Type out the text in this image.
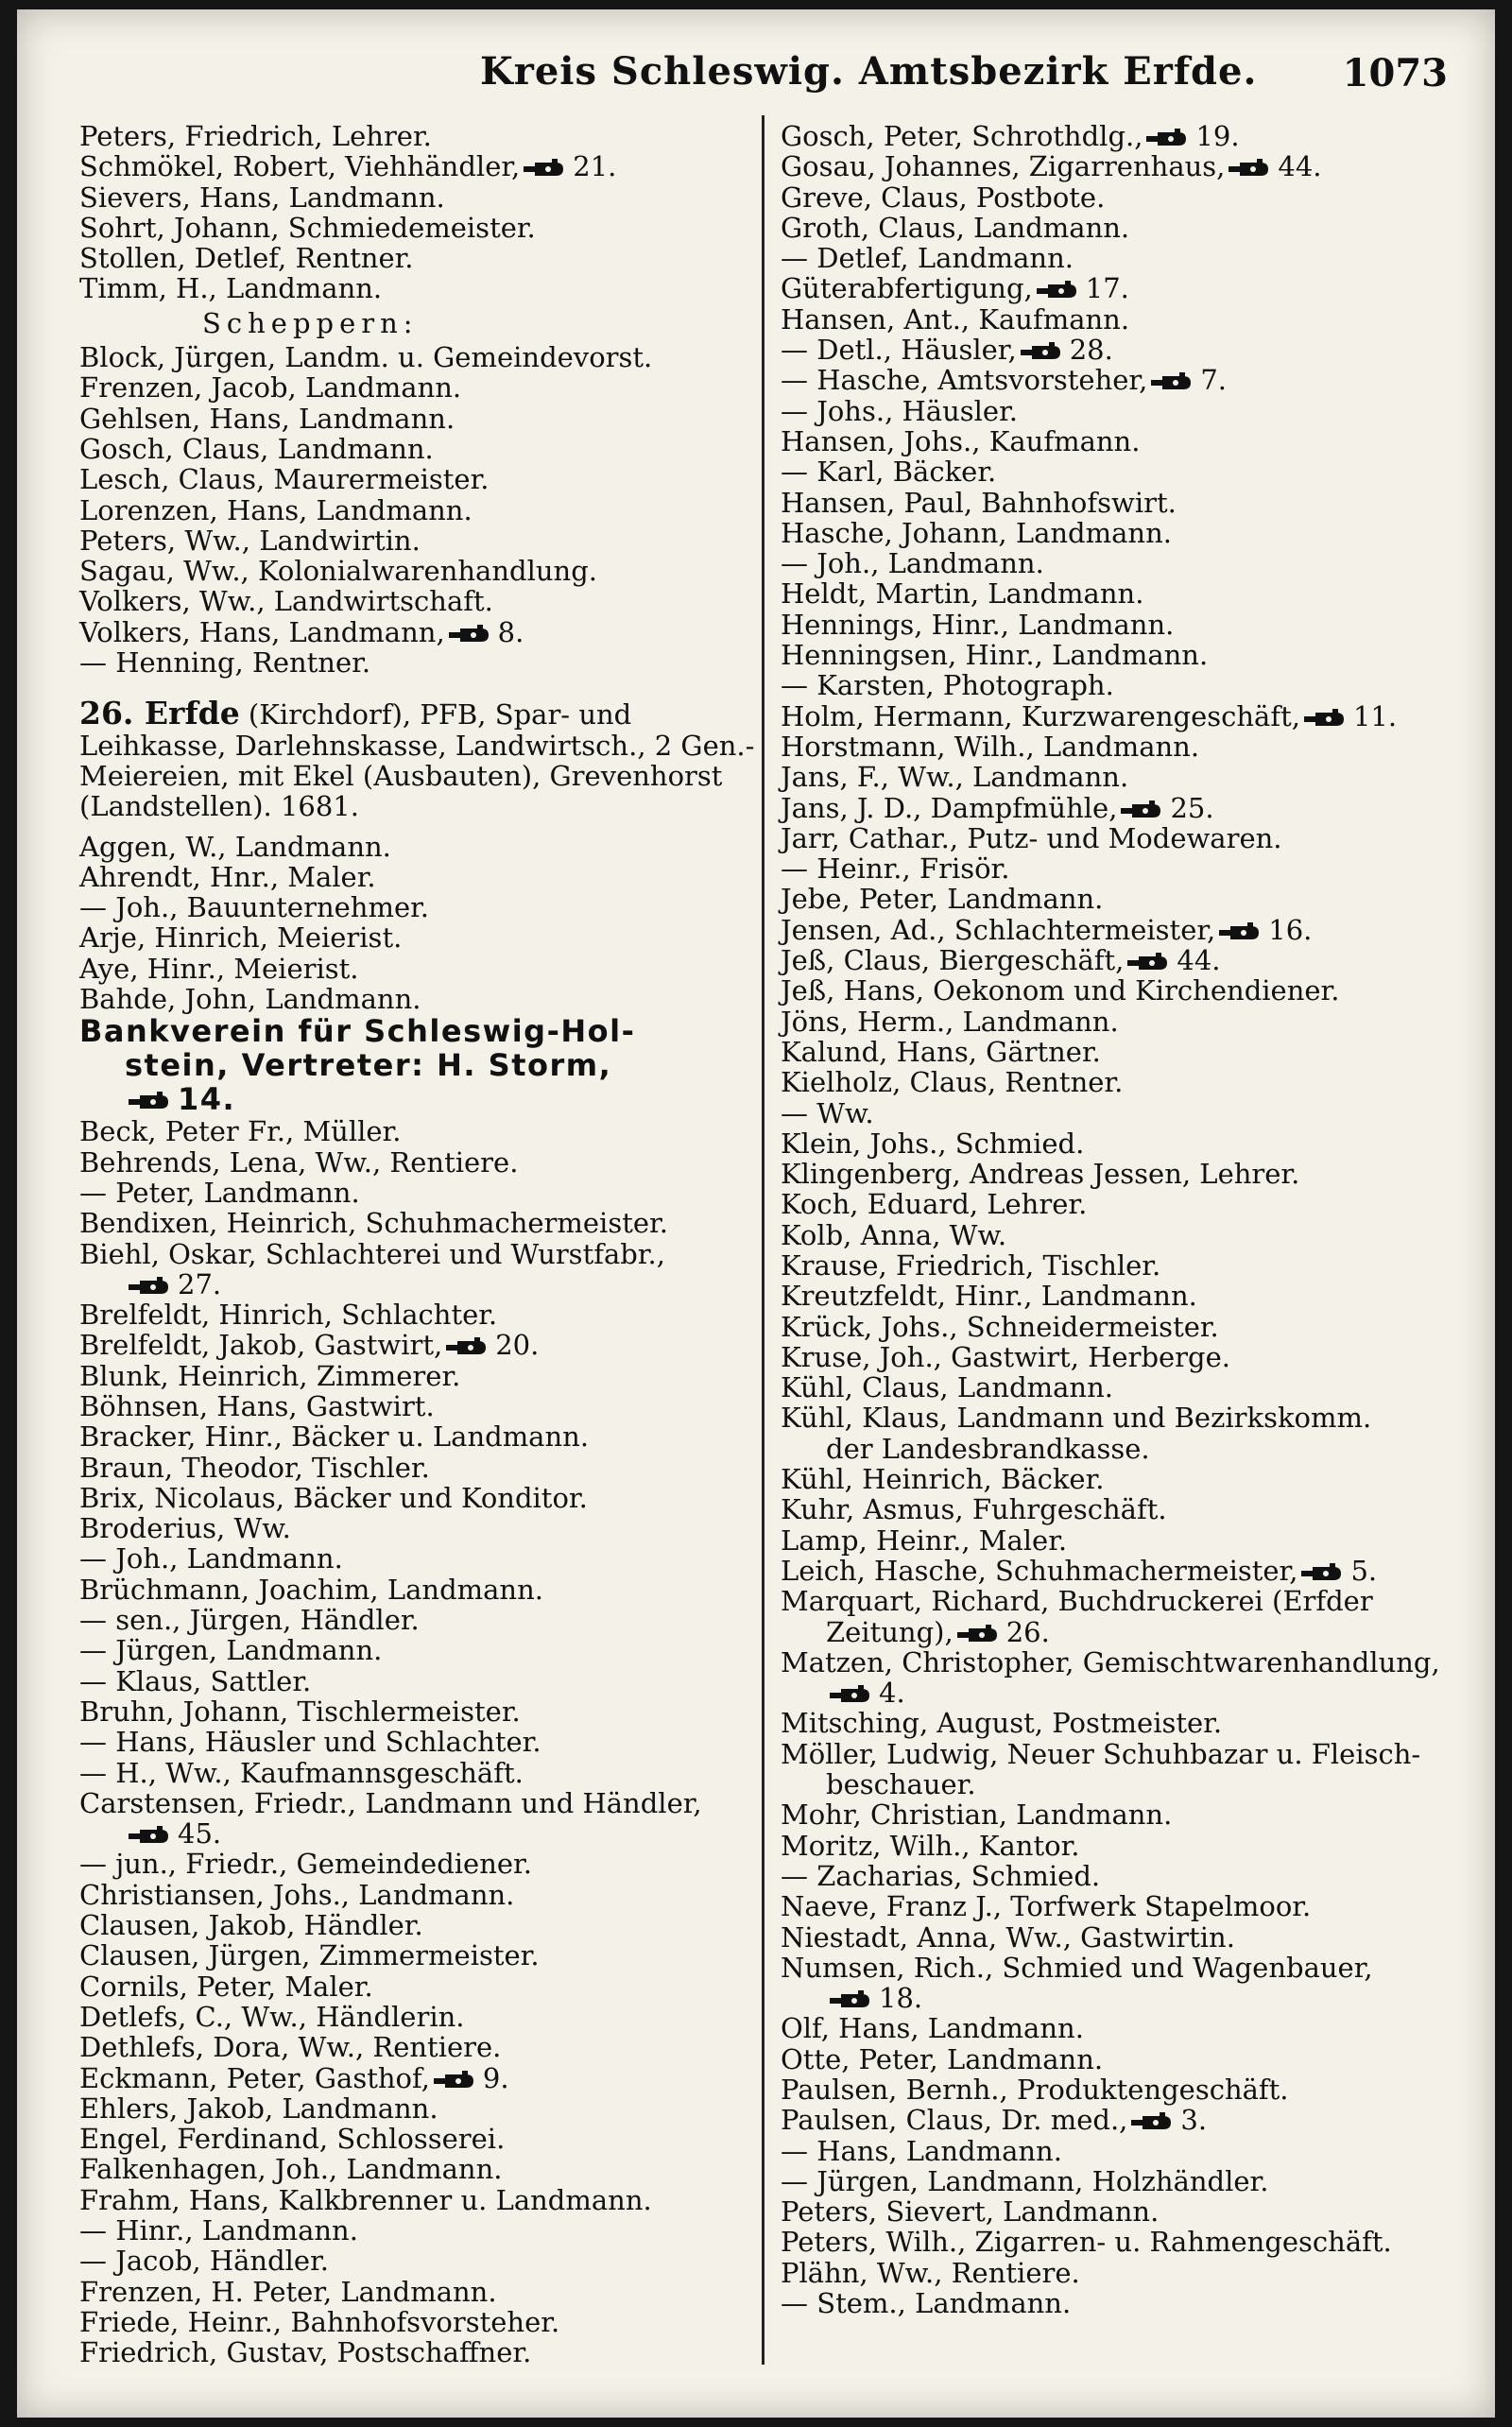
Kreis Schleswig. Amtsbezirk Erfde. 1073
Peters, Friedrich, Lehrer.
Schmökel, Robert, Viehhändler, 21.
Sievers, Hans, Landmann.
Sohrt, Johann, Schmiedemeister.
Stollen, Detlef, Rentner.
Timm, H., Landmann.
Scheppern:
Block, Jürgen, Landm. u. Gemeindevorst.
Frenzen, Jacob, Landmann.
Gehlsen, Hans, Landmann.
Gosch, Claus, Landmann.
Lesch, Claus, Maurermeister.
Lorenzen, Hans, Landmann.
Peters, Ww., Landwirtin.
Sagau, Ww., Kolonialwarenhandlung.
Volkers, Ww., Landwirtschaft.
Volkers, Hans, Landmann, 8.
— Henning, Rentner.
26. Erfde (Kirchdorf), PFB, Spar- und
Leihkasse, Darlehnskasse, Landwirtsch., 2 Gen.-
Meiereien, mit Ekel (Ausbauten), Grevenhorst
(Landstellen). 1681.
Aggen, W., Landmann.
Ahrendt, Hnr., Maler.
— Joh., Bauunternehmer.
Arje, Hinrich, Meierist.
Aye, Hinr., Meierist.
Bahde, John, Landmann.
Bankverein für Schleswig-Hol-
stein, Vertreter: H. Storm,
14.
Beck, Peter Fr., Müller.
Behrends, Lena, Ww., Rentiere.
— Peter, Landmann.
Bendixen, Heinrich, Schuhmachermeister.
Biehl, Oskar, Schlachterei und Wurstfabr.,
27.
Brelfeldt, Hinrich, Schlachter.
Brelfeldt, Jakob, Gastwirt, 20.
Blunk, Heinrich, Zimmerer.
Böhnsen, Hans, Gastwirt.
Bracker, Hinr., Bäcker u. Landmann.
Braun, Theodor, Tischler.
Brix, Nicolaus, Bäcker und Konditor.
Broderius, Ww.
— Joh., Landmann.
Brüchmann, Joachim, Landmann.
— sen., Jürgen, Händler.
— Jürgen, Landmann.
— Klaus, Sattler.
Bruhn, Johann, Tischlermeister.
— Hans, Häusler und Schlachter.
— H., Ww., Kaufmannsgeschäft.
Carstensen, Friedr., Landmann und Händler,
45.
— jun., Friedr., Gemeindediener.
Christiansen, Johs., Landmann.
Clausen, Jakob, Händler.
Clausen, Jürgen, Zimmermeister.
Cornils, Peter, Maler.
Detlefs, C., Ww., Händlerin.
Dethlefs, Dora, Ww., Rentiere.
Eckmann, Peter, Gasthof, 9.
Ehlers, Jakob, Landmann.
Engel, Ferdinand, Schlosserei.
Falkenhagen, Joh., Landmann.
Frahm, Hans, Kalkbrenner u. Landmann.
— Hinr., Landmann.
— Jacob, Händler.
Frenzen, H. Peter, Landmann.
Friede, Heinr., Bahnhofsvorsteher.
Friedrich, Gustav, Postschaffner.
Gosch, Peter, Schrothdlg., 19.
Gosau, Johannes, Zigarrenhaus, 44.
Greve, Claus, Postbote.
Groth, Claus, Landmann.
— Detlef, Landmann.
Güterabfertigung, 17.
Hansen, Ant., Kaufmann.
— Detl., Häusler, 28.
— Hasche, Amtsvorsteher, 7.
— Johs., Häusler.
Hansen, Johs., Kaufmann.
— Karl, Bäcker.
Hansen, Paul, Bahnhofswirt.
Hasche, Johann, Landmann.
— Joh., Landmann.
Heldt, Martin, Landmann.
Hennings, Hinr., Landmann.
Henningsen, Hinr., Landmann.
— Karsten, Photograph.
Holm, Hermann, Kurzwarengeschäft, 11.
Horstmann, Wilh., Landmann.
Jans, F., Ww., Landmann.
Jans, J. D., Dampfmühle, 25.
Jarr, Cathar., Putz- und Modewaren.
— Heinr., Frisör.
Jebe, Peter, Landmann.
Jensen, Ad., Schlachtermeister, 16.
Jeß, Claus, Biergeschäft, 44.
Jeß, Hans, Oekonom und Kirchendiener.
Jöns, Herm., Landmann.
Kalund, Hans, Gärtner.
Kielholz, Claus, Rentner.
— Ww.
Klein, Johs., Schmied.
Klingenberg, Andreas Jessen, Lehrer.
Koch, Eduard, Lehrer.
Kolb, Anna, Ww.
Krause, Friedrich, Tischler.
Kreutzfeldt, Hinr., Landmann.
Krück, Johs., Schneidermeister.
Kruse, Joh., Gastwirt, Herberge.
Kühl, Claus, Landmann.
Kühl, Klaus, Landmann und Bezirkskomm.
der Landesbrandkasse.
Kühl, Heinrich, Bäcker.
Kuhr, Asmus, Fuhrgeschäft.
Lamp, Heinr., Maler.
Leich, Hasche, Schuhmachermeister, 5.
Marquart, Richard, Buchdruckerei (Erfder
Zeitung), 26.
Matzen, Christopher, Gemischtwarenhandlung,
4.
Mitsching, August, Postmeister.
Möller, Ludwig, Neuer Schuhbazar u. Fleisch-
beschauer.
Mohr, Christian, Landmann.
Moritz, Wilh., Kantor.
— Zacharias, Schmied.
Naeve, Franz J., Torfwerk Stapelmoor.
Niestadt, Anna, Ww., Gastwirtin.
Numsen, Rich., Schmied und Wagenbauer,
18.
Olf, Hans, Landmann.
Otte, Peter, Landmann.
Paulsen, Bernh., Produktengeschäft.
Paulsen, Claus, Dr. med., 3.
— Hans, Landmann.
— Jürgen, Landmann, Holzhändler.
Peters, Sievert, Landmann.
Peters, Wilh., Zigarren- u. Rahmengeschäft.
Plähn, Ww., Rentiere.
— Stem., Landmann.
